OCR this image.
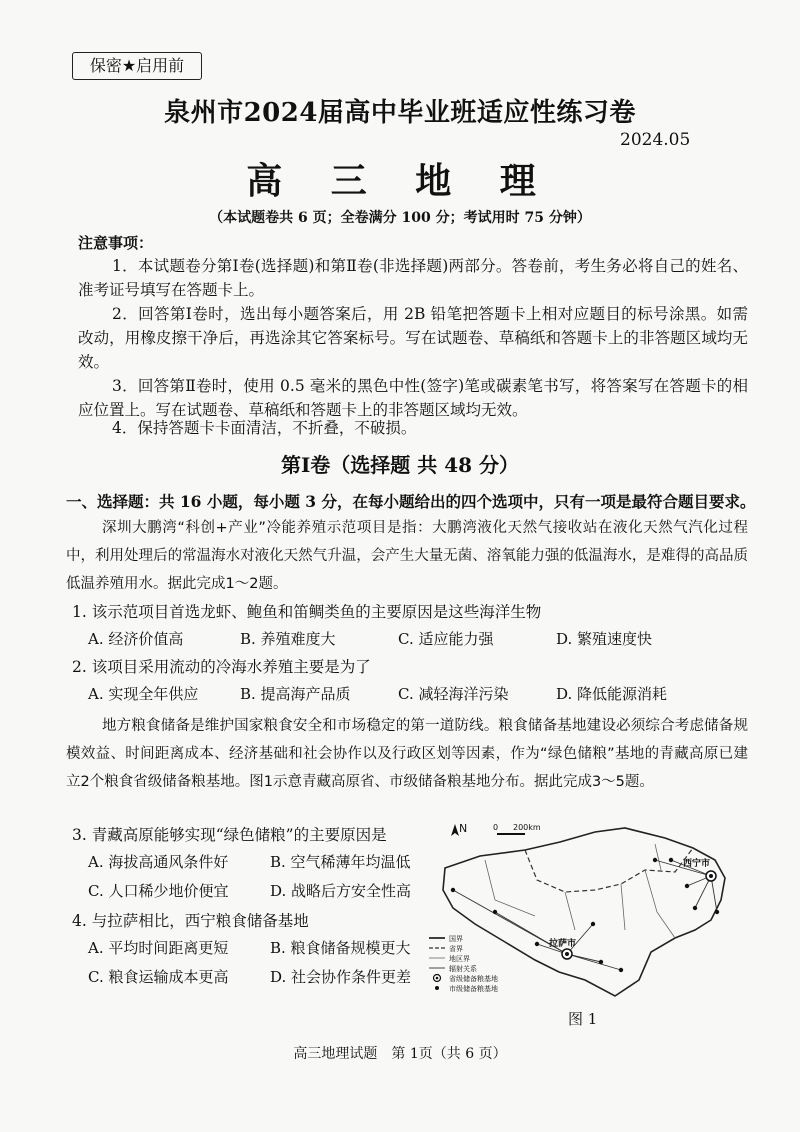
保密★启用前
泉州市2024届高中毕业班适应性练习卷
2024.05
高 三 地 理
（本试题卷共 6 页；全卷满分 100 分；考试用时 75 分钟）
注意事项：
1．本试题卷分第Ⅰ卷(选择题)和第Ⅱ卷(非选择题)两部分。答卷前，考生务必将自己的姓名、准考证号填写在答题卡上。
2．回答第Ⅰ卷时，选出每小题答案后，用 2B 铅笔把答题卡上相对应题目的标号涂黑。如需改动，用橡皮擦干净后，再选涂其它答案标号。写在试题卷、草稿纸和答题卡上的非答题区域均无效。
3．回答第Ⅱ卷时，使用 0.5 毫米的黑色中性(签字)笔或碳素笔书写，将答案写在答题卡的相应位置上。写在试题卷、草稿纸和答题卡上的非答题区域均无效。
4．保持答题卡卡面清洁，不折叠，不破损。
第Ⅰ卷（选择题 共 48 分）
一、选择题：共 16 小题，每小题 3 分，在每小题给出的四个选项中，只有一项是最符合题目要求。
深圳大鹏湾“科创+产业”冷能养殖示范项目是指：大鹏湾液化天然气接收站在液化天然气汽化过程中，利用处理后的常温海水对液化天然气升温，会产生大量无菌、溶氧能力强的低温海水，是难得的高品质低温养殖用水。据此完成1～2题。
1. 该示范项目首选龙虾、鲍鱼和笛鲷类鱼的主要原因是这些海洋生物
A. 经济价值高	B. 养殖难度大	C. 适应能力强	D. 繁殖速度快
2. 该项目采用流动的冷海水养殖主要是为了
A. 实现全年供应	B. 提高海产品质	C. 减轻海洋污染	D. 降低能源消耗
地方粮食储备是维护国家粮食安全和市场稳定的第一道防线。粮食储备基地建设必须综合考虑储备规模效益、时间距离成本、经济基础和社会协作以及行政区划等因素，作为“绿色储粮”基地的青藏高原已建立2个粮食省级储备粮基地。图1示意青藏高原省、市级储备粮基地分布。据此完成3～5题。
3. 青藏高原能够实现“绿色储粮”的主要原因是
A. 海拔高通风条件好	B. 空气稀薄年均温低
C. 人口稀少地价便宜	D. 战略后方安全性高
4. 与拉萨相比，西宁粮食储备基地
A. 平均时间距离更短	B. 粮食储备规模更大
C. 粮食运输成本更高	D. 社会协作条件更差
N	0 200km
西宁市
拉萨市
国界
省界
地区界
辐射关系
省级储备粮基地
市级储备粮基地
图 1
高三地理试题　第 1页（共 6 页）
